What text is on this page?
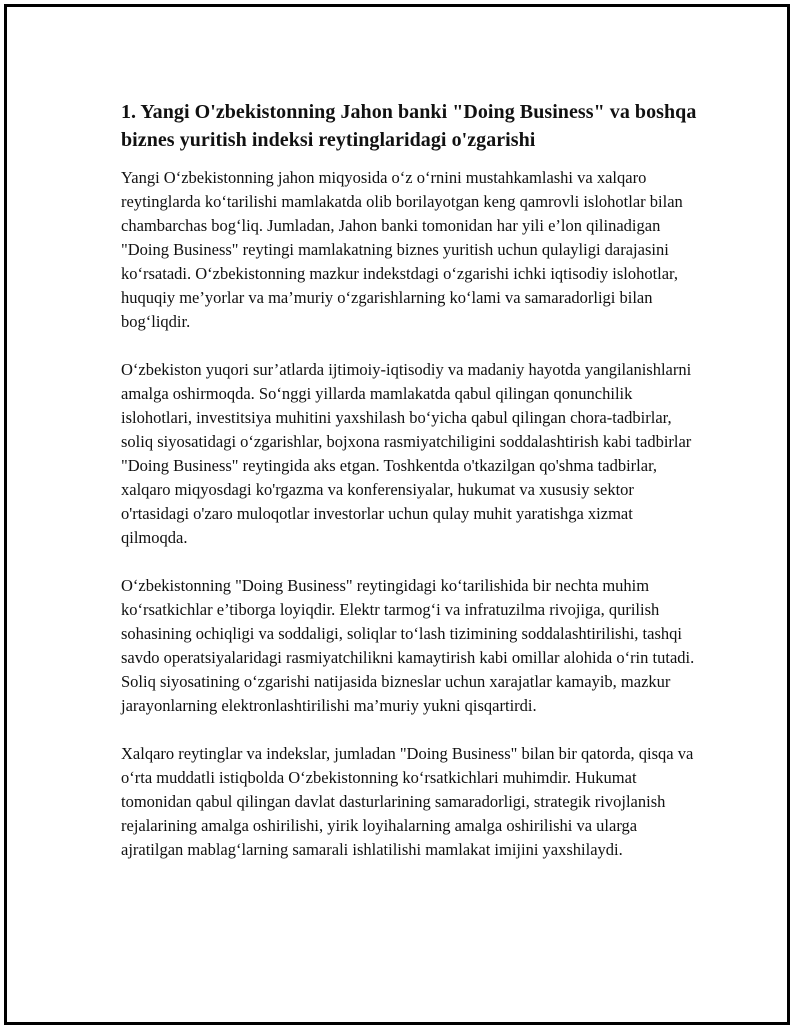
1. Yangi O'zbekistonning Jahon banki "Doing Business" va boshqa biznes yuritish indeksi reytinglaridagi o'zgarishi

Yangi O‘zbekistonning jahon miqyosida o‘z o‘rnini mustahkamlashi va xalqaro reytinglarda ko‘tarilishi mamlakatda olib borilayotgan keng qamrovli islohotlar bilan chambarchas bog‘liq. Jumladan, Jahon banki tomonidan har yili e’lon qilinadigan "Doing Business" reytingi mamlakatning biznes yuritish uchun qulayligi darajasini ko‘rsatadi. O‘zbekistonning mazkur indekstdagi o‘zgarishi ichki iqtisodiy islohotlar, huquqiy me’yorlar va ma’muriy o‘zgarishlarning ko‘lami va samaradorligi bilan bog‘liqdir.

O‘zbekiston yuqori sur’atlarda ijtimoiy-iqtisodiy va madaniy hayotda yangilanishlarni amalga oshirmoqda. So‘nggi yillarda mamlakatda qabul qilingan qonunchilik islohotlari, investitsiya muhitini yaxshilash bo‘yicha qabul qilingan chora-tadbirlar, soliq siyosatidagi o‘zgarishlar, bojxona rasmiyatchiligini soddalashtirish kabi tadbirlar "Doing Business" reytingida aks etgan. Toshkentda o'tkazilgan qo'shma tadbirlar, xalqaro miqyosdagi ko'rgazma va konferensiyalar, hukumat va xususiy sektor o'rtasidagi o'zaro muloqotlar investorlar uchun qulay muhit yaratishga xizmat qilmoqda.

O‘zbekistonning "Doing Business" reytingidagi ko‘tarilishida bir nechta muhim ko‘rsatkichlar e’tiborga loyiqdir. Elektr tarmog‘i va infratuzilma rivojiga, qurilish sohasining ochiqligi va soddaligi, soliqlar to‘lash tizimining soddalashtirilishi, tashqi savdo operatsiyalaridagi rasmiyatchilikni kamaytirish kabi omillar alohida o‘rin tutadi. Soliq siyosatining o‘zgarishi natijasida bizneslar uchun xarajatlar kamayib, mazkur jarayonlarning elektronlashtirilishi ma’muriy yukni qisqartirdi.

Xalqaro reytinglar va indekslar, jumladan "Doing Business" bilan bir qatorda, qisqa va o‘rta muddatli istiqbolda O‘zbekistonning ko‘rsatkichlari muhimdir. Hukumat tomonidan qabul qilingan davlat dasturlarining samaradorligi, strategik rivojlanish rejalarining amalga oshirilishi, yirik loyihalarning amalga oshirilishi va ularga ajratilgan mablag‘larning samarali ishlatilishi mamlakat imijini yaxshilaydi.
